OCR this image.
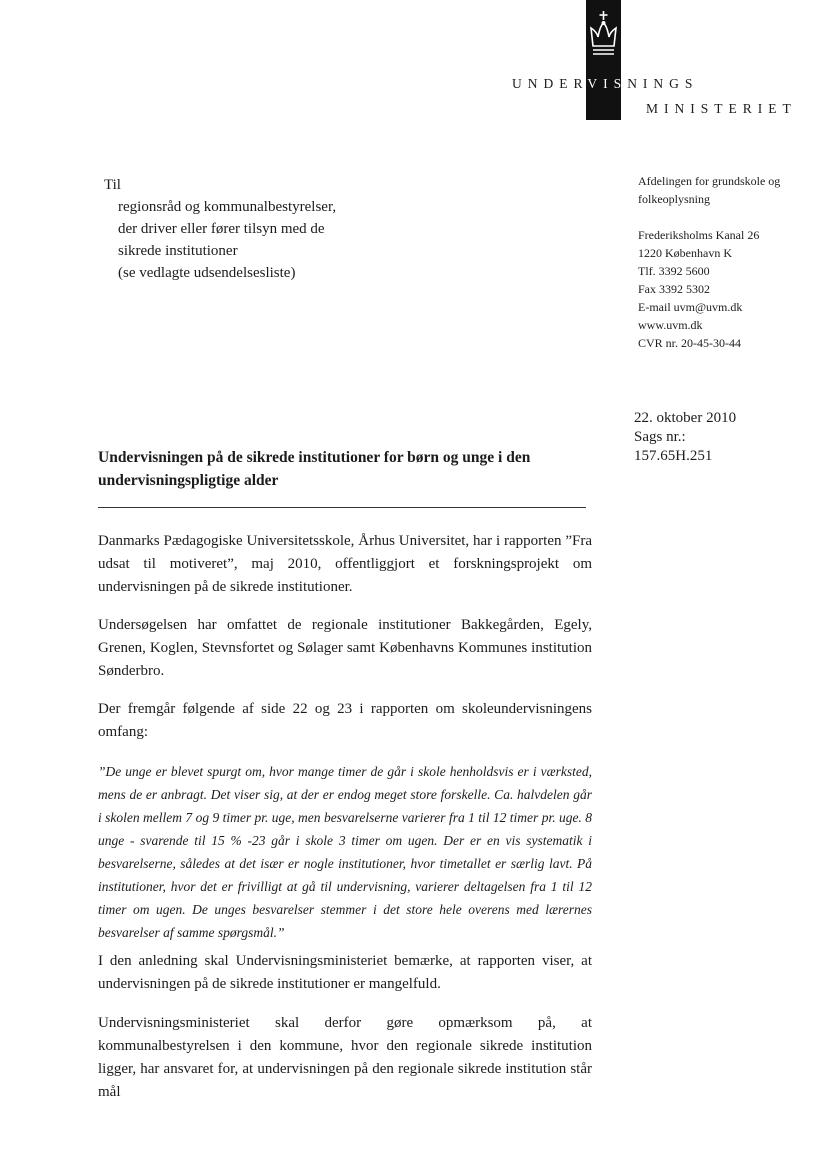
UNDERVISNINGS
MINISTERIET
Til
regionsråd og kommunalbestyrelser,
der driver eller fører tilsyn med de
sikrede institutioner
(se vedlagte udsendelsesliste)
Afdelingen for grundskole og
folkeoplysning
Frederiksholms Kanal 26
1220 København K
Tlf. 3392 5600
Fax 3392 5302
E-mail uvm@uvm.dk
www.uvm.dk
CVR nr. 20-45-30-44
22. oktober 2010
Sags nr.:
157.65H.251
Undervisningen på de sikrede institutioner for børn og unge i den undervisningspligtige alder

Danmarks Pædagogiske Universitetsskole, Århus Universitet, har i rapporten ”Fra udsat til motiveret”, maj 2010, offentliggjort et forskningsprojekt om undervisningen på de sikrede institutioner.

Undersøgelsen har omfattet de regionale institutioner Bakkegården, Egely, Grenen, Koglen, Stevnsfortet og Sølager samt Københavns Kommunes institution Sønderbro.

Der fremgår følgende af side 22 og 23 i rapporten om skoleundervisningens omfang:

”De unge er blevet spurgt om, hvor mange timer de går i skole henholdsvis er i værksted, mens de er anbragt. Det viser sig, at der er endog meget store forskelle. Ca. halvdelen går i skolen mellem 7 og 9 timer pr. uge, men besvarelserne varierer fra 1 til 12 timer pr. uge. 8 unge - svarende til 15 % -23 går i skole 3 timer om ugen. Der er en vis systematik i besvarelserne, således at det især er nogle institutioner, hvor timetallet er særlig lavt. På institutioner, hvor det er frivilligt at gå til undervisning, varierer deltagelsen fra 1 til 12 timer om ugen. De unges besvarelser stemmer i det store hele overens med lærernes besvarelser af samme spørgsmål.”

I den anledning skal Undervisningsministeriet bemærke, at rapporten viser, at undervisningen på de sikrede institutioner er mangelfuld.

Undervisningsministeriet skal derfor gøre opmærksom på, at kommunalbestyrelsen i den kommune, hvor den regionale sikrede institution ligger, har ansvaret for, at undervisningen på den regionale sikrede institution står mål
